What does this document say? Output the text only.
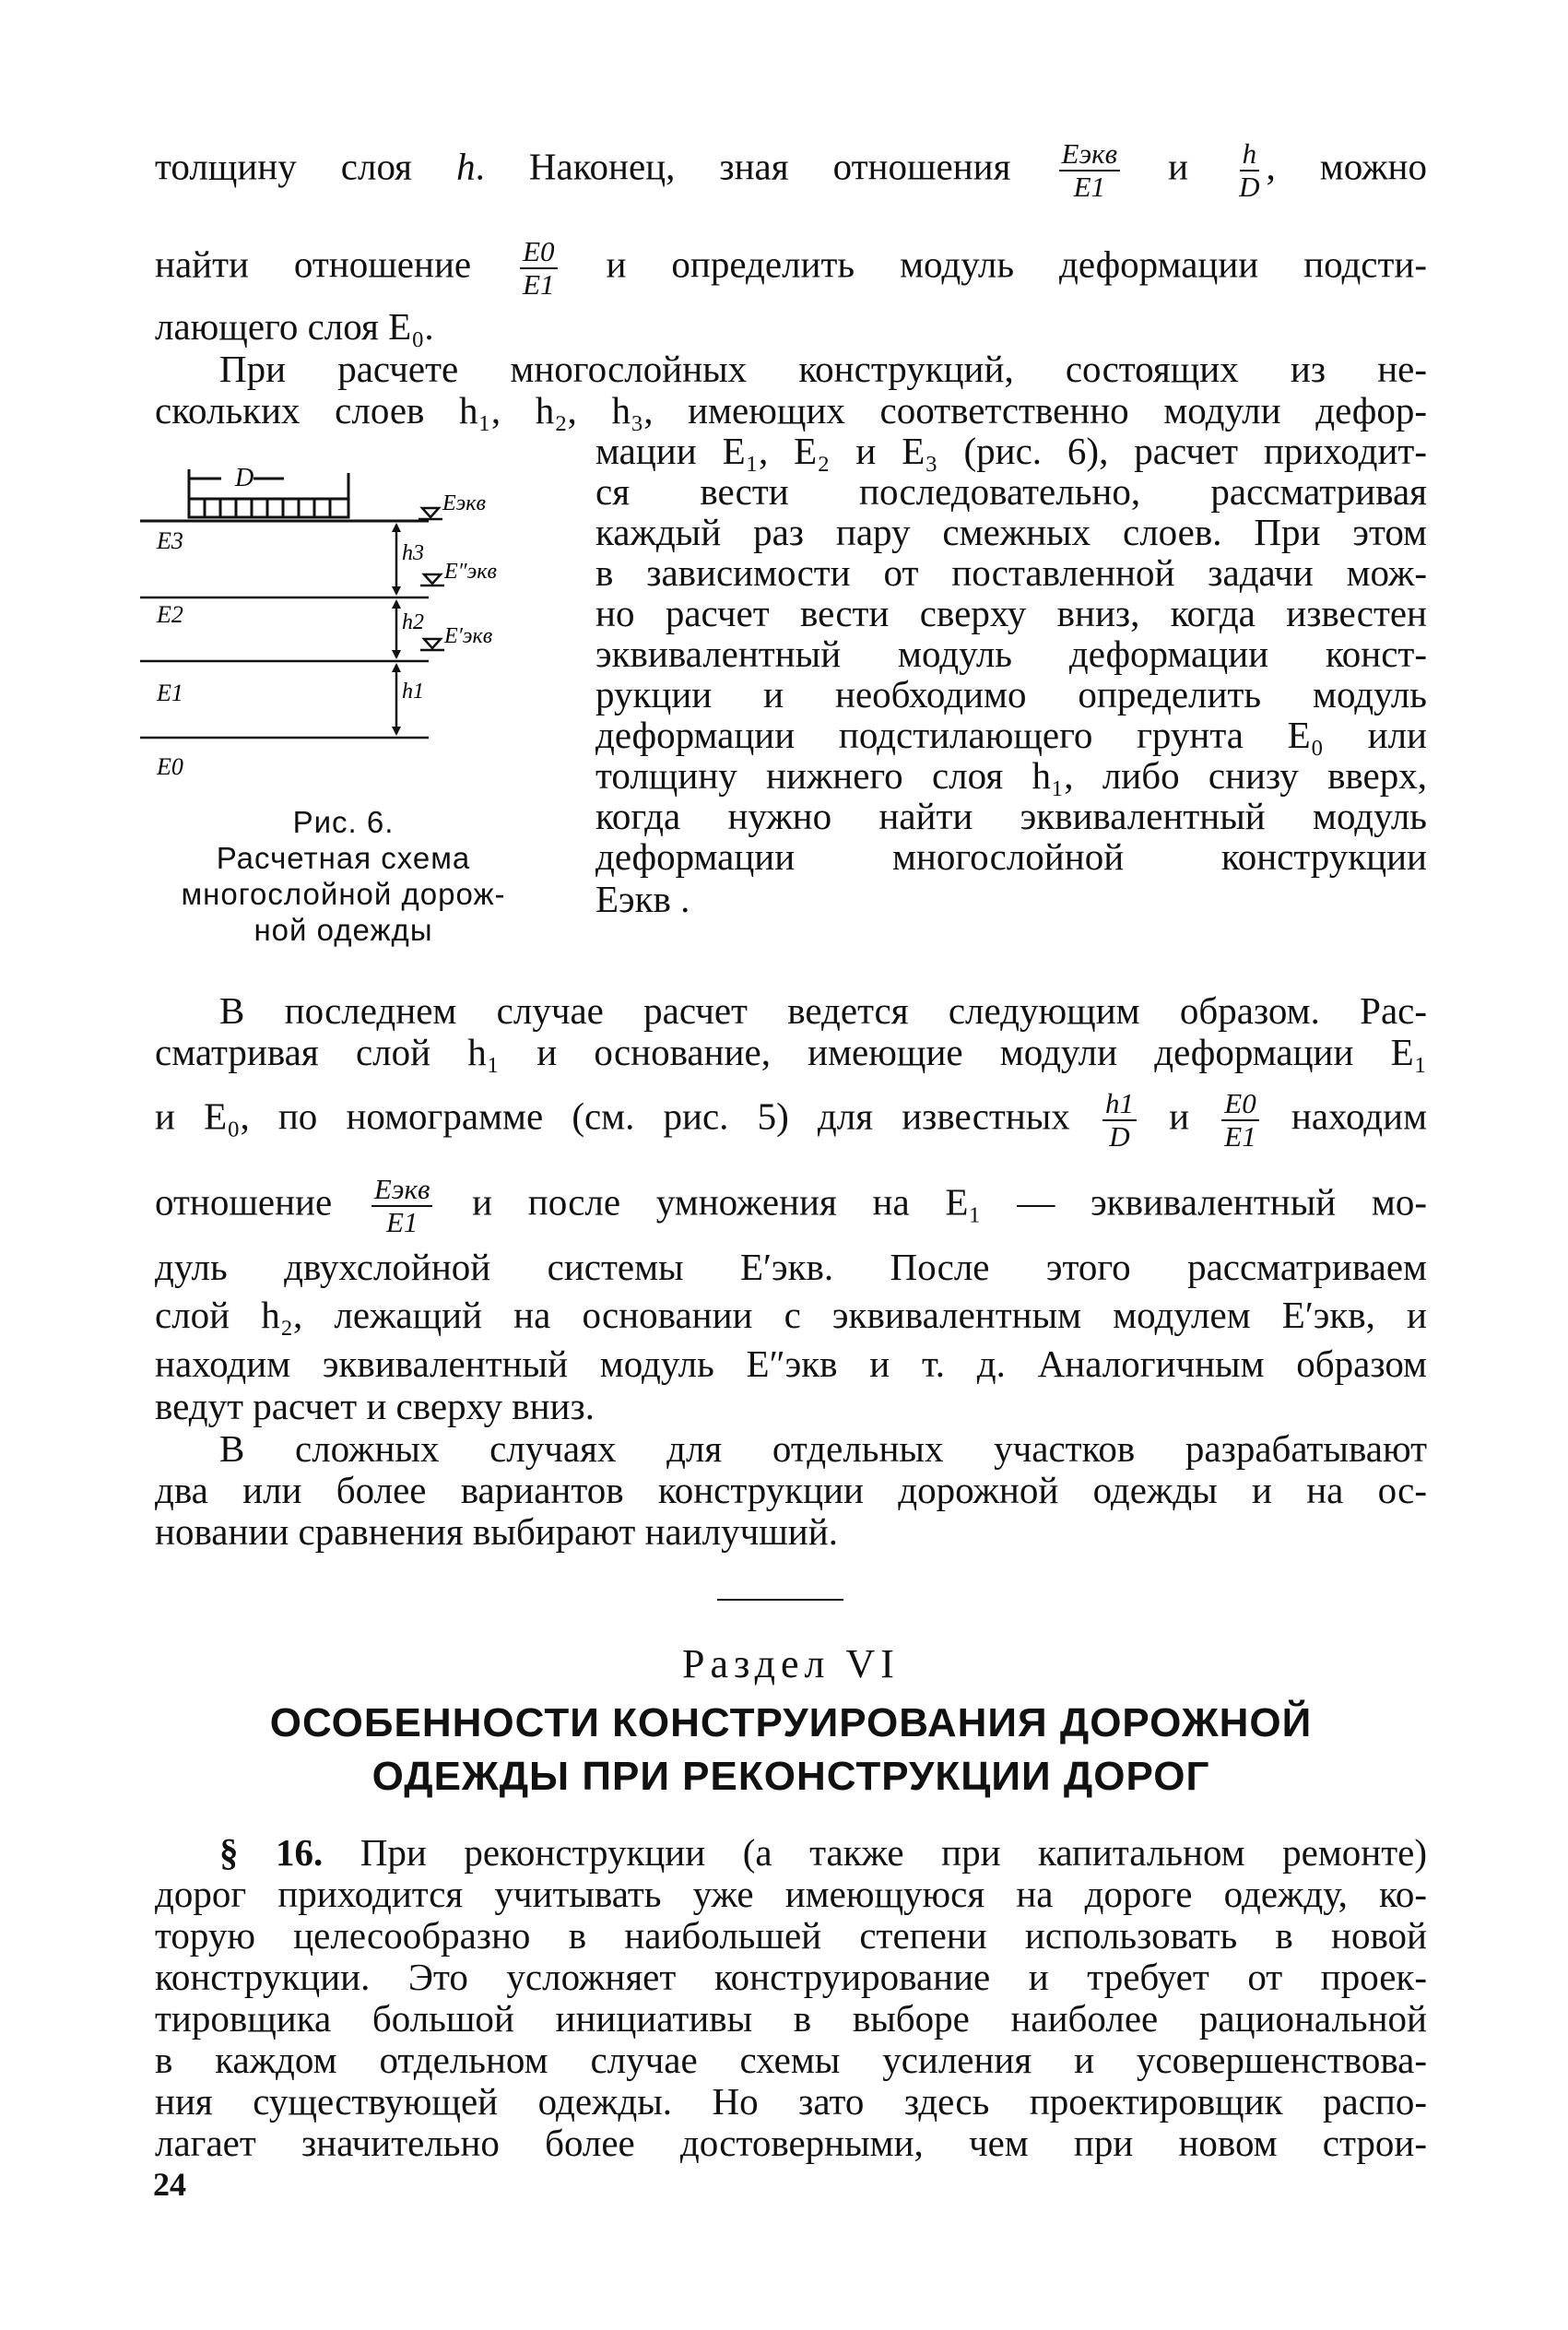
толщину слоя h. Наконец, зная отношения $\frac{\text{Eэкв}}{E1}$ и $\frac{h}{D}$ , можно
найти отношение $\frac{E0}{E1}$ и определить модуль деформации подсти-
лающего слоя E₀.
При расчете многослойных конструкций, состоящих из не-
скольких слоев h₁, h₂, h₃, имеющих соответственно модули дефор-
мации E₁, E₂ и E₃ (рис. 6), расчет приходит-
ся вести последовательно, рассматривая
каждый раз пару смежных слоев. При этом
в зависимости от поставленной задачи мож-
но расчет вести сверху вниз, когда известен
эквивалентный модуль деформации конст-
рукции и необходимо определить модуль
деформации подстилающего грунта E₀ или
толщину нижнего слоя h₁, либо снизу вверх,
когда нужно найти эквивалентный модуль
деформации многослойной конструкции
Eэкв .
D
E3
E2
E1
E0
h3
h2
h1
Eэкв
E″экв
E′экв
Рис. 6.
Расчетная схема
многослойной дорож-
ной одежды
В последнем случае расчет ведется следующим образом. Рас-
сматривая слой h₁ и основание, имеющие модули деформации E₁
и E₀, по номограмме (см. рис. 5) для известных $\frac{h1}{D}$ и $\frac{E0}{E1}$ находим
отношение $\frac{\text{Eэкв}}{E1}$ и после умножения на E₁ — эквивалентный мо-
дуль двухслойной системы E′экв. После этого рассматриваем
слой h₂, лежащий на основании с эквивалентным модулем E′экв, и
находим эквивалентный модуль E″экв и т. д. Аналогичным образом
ведут расчет и сверху вниз.
В сложных случаях для отдельных участков разрабатывают
два или более вариантов конструкции дорожной одежды и на ос-
новании сравнения выбирают наилучший.
Раздел VI
ОСОБЕННОСТИ КОНСТРУИРОВАНИЯ ДОРОЖНОЙ
ОДЕЖДЫ ПРИ РЕКОНСТРУКЦИИ ДОРОГ
§ 16. При реконструкции (а также при капитальном ремонте)
дорог приходится учитывать уже имеющуюся на дороге одежду, ко-
торую целесообразно в наибольшей степени использовать в новой
конструкции. Это усложняет конструирование и требует от проек-
тировщика большой инициативы в выборе наиболее рациональной
в каждом отдельном случае схемы усиления и усовершенствова-
ния существующей одежды. Но зато здесь проектировщик распо-
лагает значительно более достоверными, чем при новом строи-
24
